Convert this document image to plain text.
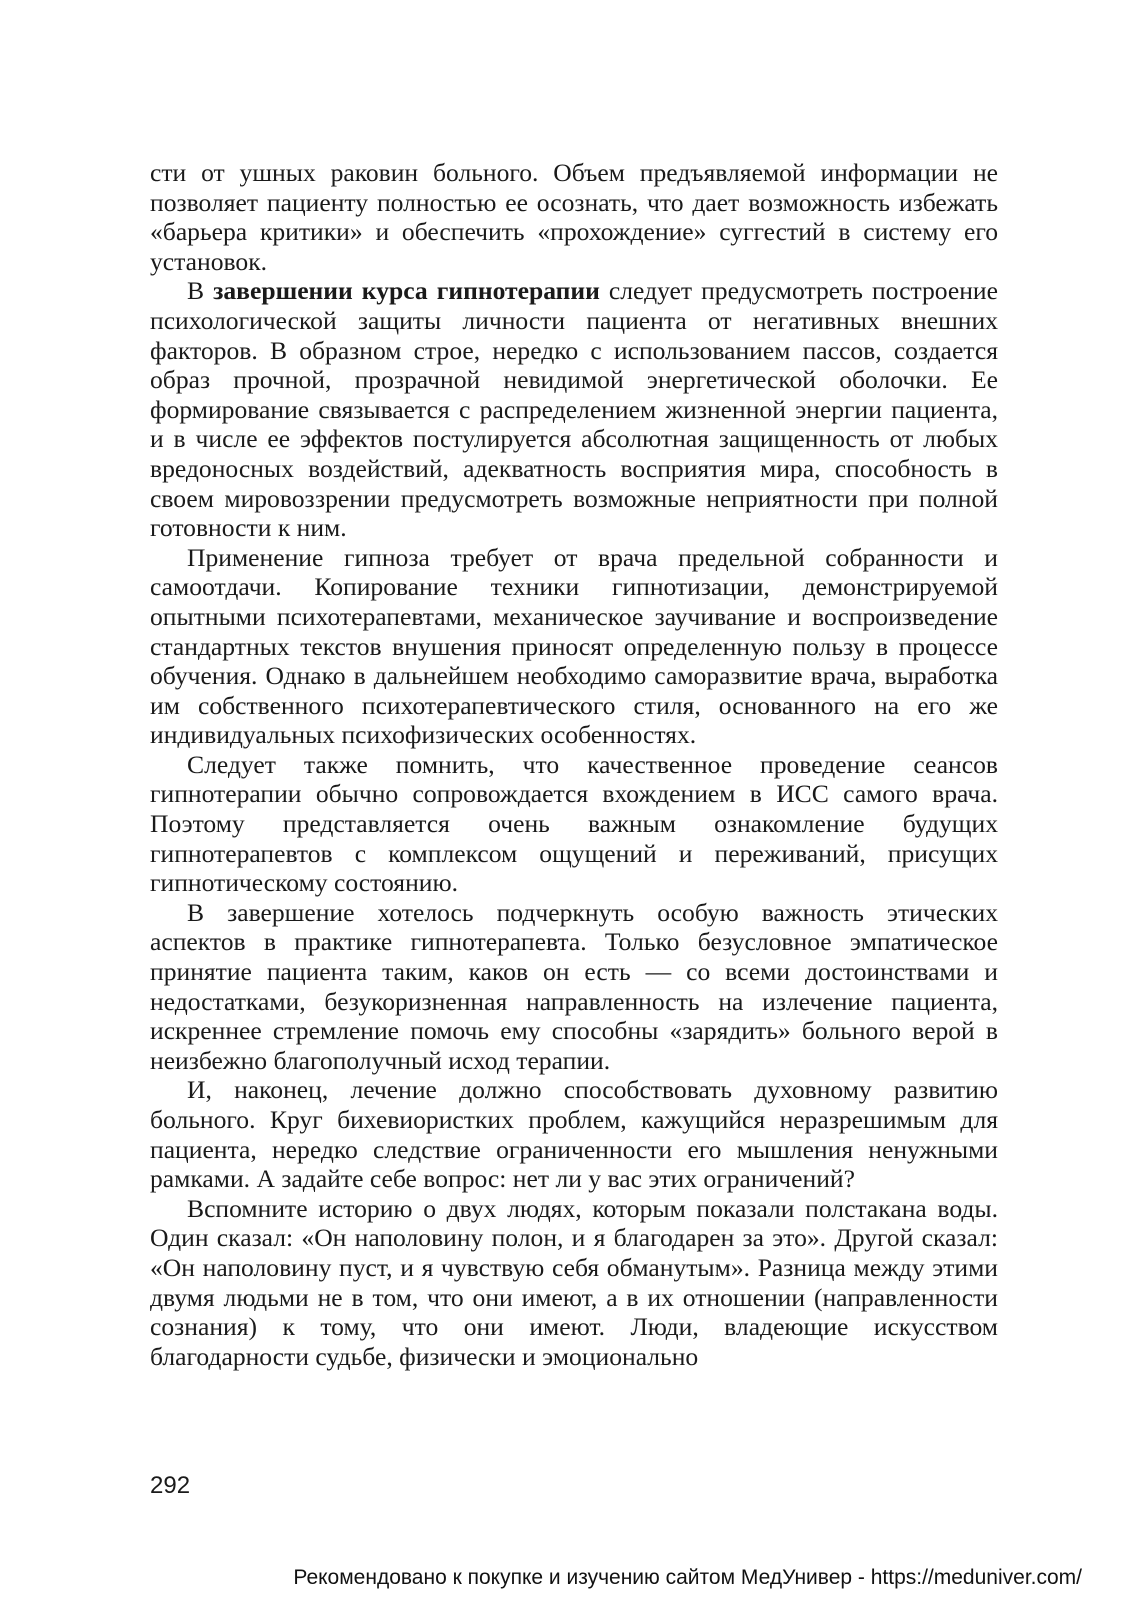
сти от ушных раковин больного. Объем предъявляемой информации не позволяет пациенту полностью ее осознать, что дает возможность избежать «барьера критики» и обеспечить «прохождение» суггестий в систему его установок.

В завершении курса гипнотерапии следует предусмотреть построение психологической защиты личности пациента от негативных внешних факторов. В образном строе, нередко с использованием пассов, создается образ прочной, прозрачной невидимой энергетической оболочки. Ее формирование связывается с распределением жизненной энергии пациента, и в числе ее эффектов постулируется абсолютная защищенность от любых вредоносных воздействий, адекватность восприятия мира, способность в своем мировоззрении предусмотреть возможные неприятности при полной готовности к ним.

Применение гипноза требует от врача предельной собранности и самоотдачи. Копирование техники гипнотизации, демонстрируемой опытными психотерапевтами, механическое заучивание и воспроизведение стандартных текстов внушения приносят определенную пользу в процессе обучения. Однако в дальнейшем необходимо саморазвитие врача, выработка им собственного психотерапевтического стиля, основанного на его же индивидуальных психофизических особенностях.

Следует также помнить, что качественное проведение сеансов гипнотерапии обычно сопровождается вхождением в ИСС самого врача. Поэтому представляется очень важным ознакомление будущих гипнотерапевтов с комплексом ощущений и переживаний, присущих гипнотическому состоянию.

В завершение хотелось подчеркнуть особую важность этических аспектов в практике гипнотерапевта. Только безусловное эмпатическое принятие пациента таким, каков он есть — со всеми достоинствами и недостатками, безукоризненная направленность на излечение пациента, искреннее стремление помочь ему способны «зарядить» больного верой в неизбежно благополучный исход терапии.

И, наконец, лечение должно способствовать духовному развитию больного. Круг бихевиористких проблем, кажущийся неразрешимым для пациента, нередко следствие ограниченности его мышления ненужными рамками. А задайте себе вопрос: нет ли у вас этих ограничений?

Вспомните историю о двух людях, которым показали полстакана воды. Один сказал: «Он наполовину полон, и я благодарен за это». Другой сказал: «Он наполовину пуст, и я чувствую себя обманутым». Разница между этими двумя людьми не в том, что они имеют, а в их отношении (направленности сознания) к тому, что они имеют. Люди, владеющие искусством благодарности судьбе, физически и эмоционально

292
Рекомендовано к покупке и изучению сайтом МедУнивер - https://meduniver.com/
